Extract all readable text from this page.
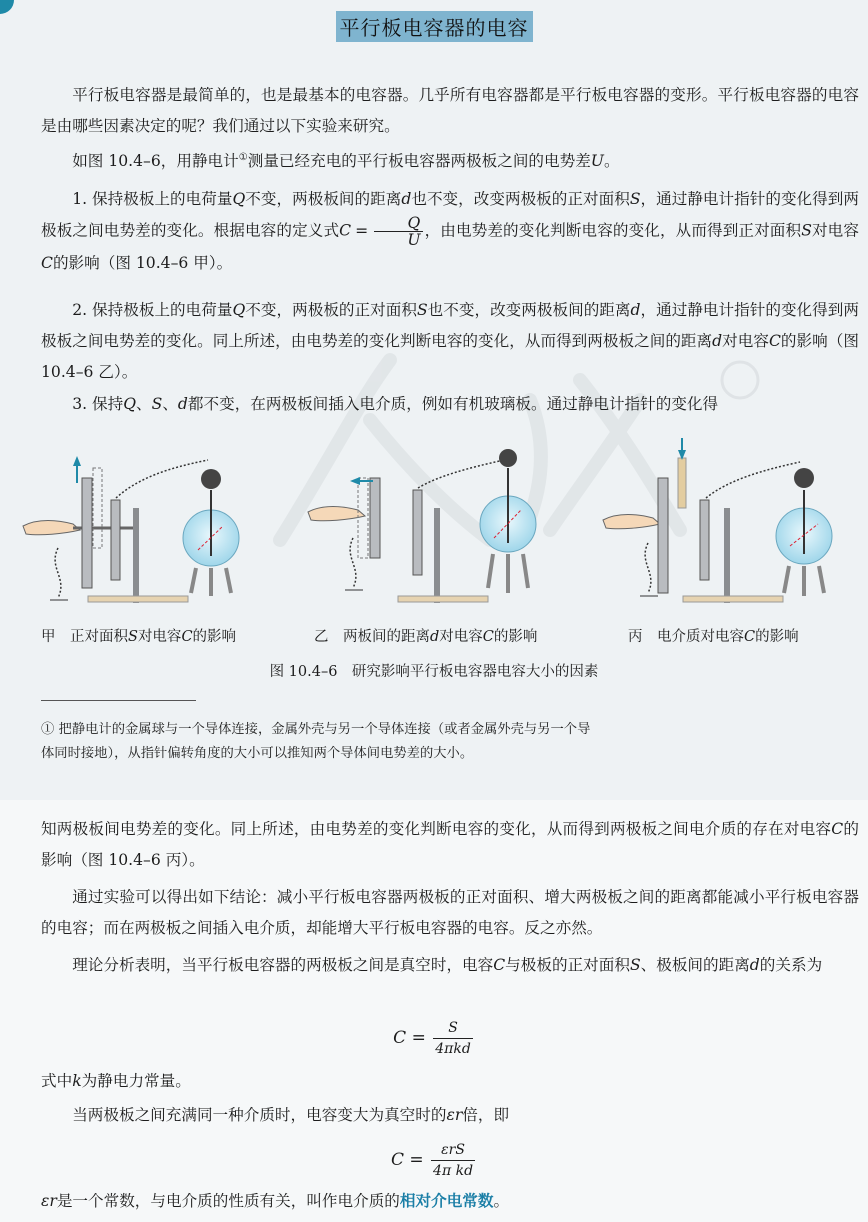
平行板电容器的电容

平行板电容器是最简单的，也是最基本的电容器。几乎所有电容器都是平行板电容器的变形。平行板电容器的电容是由哪些因素决定的呢？我们通过以下实验来研究。

如图 10.4–6，用静电计①测量已经充电的平行板电容器两极板之间的电势差U。

1. 保持极板上的电荷量Q不变，两极板间的距离d也不变，改变两极板的正对面积S，通过静电计指针的变化得到两极板之间电势差的变化。根据电容的定义式$C = \frac{Q}{U}$ ，由电势差的变化判断电容的变化，从而得到正对面积S对电容C的影响（图 10.4–6 甲）。

2. 保持极板上的电荷量Q不变，两极板的正对面积S也不变，改变两极板间的距离d，通过静电计指针的变化得到两极板之间电势差的变化。同上所述，由电势差的变化判断电容的变化，从而得到两极板之间的距离d对电容C的影响（图 10.4–6 乙）。

3. 保持Q、S、d都不变，在两极板间插入电介质，例如有机玻璃板。通过静电计指针的变化得

甲　 正对面积S对电容C的影响	乙　 两板间的距离d对电容C的影响	丙　 电介质对电容C的影响
图 10.4–6　研究影响平行板电容器电容大小的因素
① 把静电计的金属球与一个导体连接，金属外壳与另一个导体连接（或者金属外壳与另一个导体同时接地），从指针偏转角度的大小可以推知两个导体间电势差的大小。

知两极板间电势差的变化。同上所述，由电势差的变化判断电容的变化，从而得到两极板之间电介质的存在对电容C的影响（图 10.4–6 丙）。

通过实验可以得出如下结论：减小平行板电容器两极板的正对面积、增大两极板之间的距离都能减小平行板电容器的电容；而在两极板之间插入电介质，却能增大平行板电容器的电容。反之亦然。

理论分析表明，当平行板电容器的两极板之间是真空时，电容C与极板的正对面积S、极板间的距离d的关系为

$C = \frac{S}{\text{4πkd}}$

式中k为静电力常量。

当两极板之间充满同一种介质时，电容变大为真空时的εr倍，即

$C = \frac{\text{εrS}}{\text{4π kd}}$

εr是一个常数，与电介质的性质有关，叫作电介质的相对介电常数。
